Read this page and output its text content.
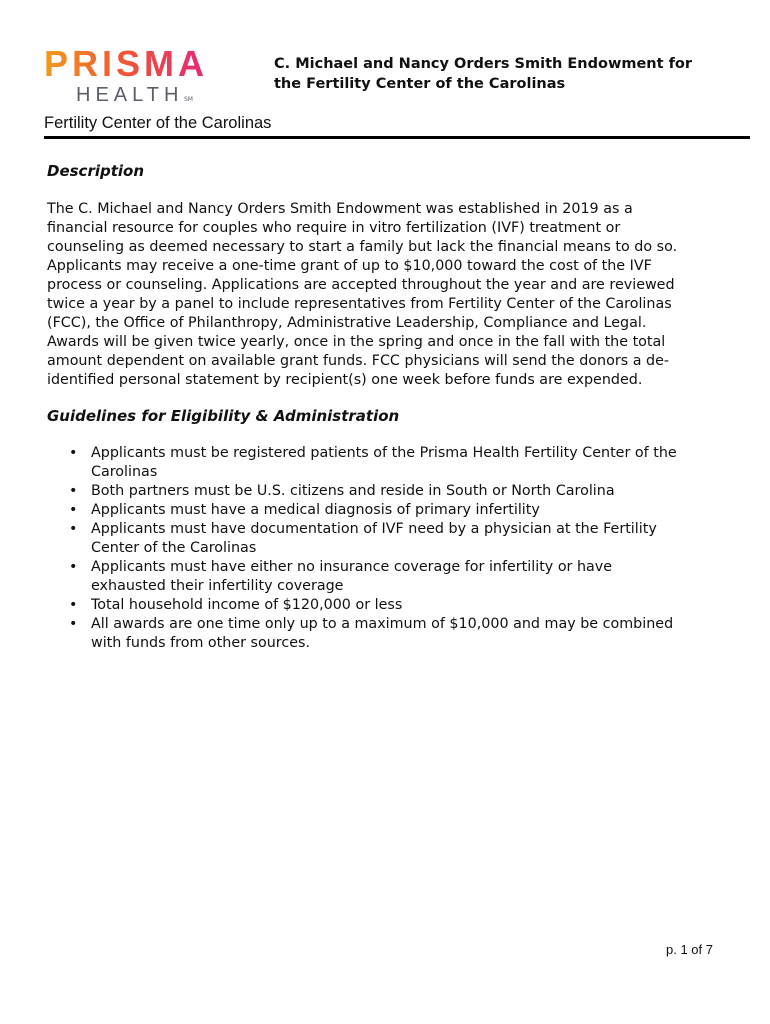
PRISMA
HEALTH SM
C. Michael and Nancy Orders Smith Endowment for
the Fertility Center of the Carolinas
Fertility Center of the Carolinas
Description
The C. Michael and Nancy Orders Smith Endowment was established in 2019 as a
financial resource for couples who require in vitro fertilization (IVF) treatment or
counseling as deemed necessary to start a family but lack the financial means to do so.
Applicants may receive a one-time grant of up to $10,000 toward the cost of the IVF
process or counseling. Applications are accepted throughout the year and are reviewed
twice a year by a panel to include representatives from Fertility Center of the Carolinas
(FCC), the Office of Philanthropy, Administrative Leadership, Compliance and Legal.
Awards will be given twice yearly, once in the spring and once in the fall with the total
amount dependent on available grant funds. FCC physicians will send the donors a de-
identified personal statement by recipient(s) one week before funds are expended.
Guidelines for Eligibility & Administration
• Applicants must be registered patients of the Prisma Health Fertility Center of the
Carolinas
• Both partners must be U.S. citizens and reside in South or North Carolina
• Applicants must have a medical diagnosis of primary infertility
• Applicants must have documentation of IVF need by a physician at the Fertility
Center of the Carolinas
• Applicants must have either no insurance coverage for infertility or have
exhausted their infertility coverage
• Total household income of $120,000 or less
• All awards are one time only up to a maximum of $10,000 and may be combined
with funds from other sources.
p. 1 of 7
